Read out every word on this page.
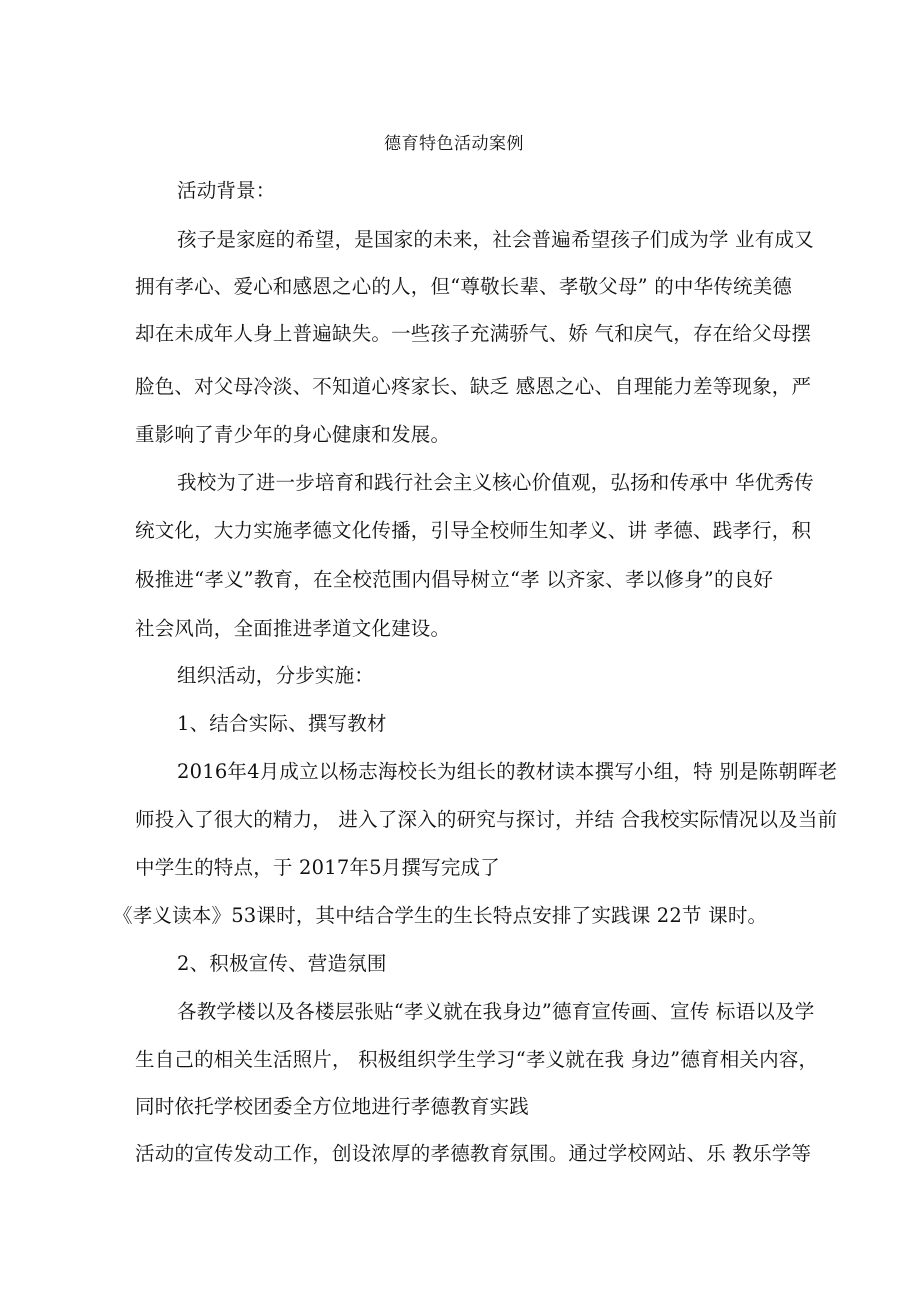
德育特色活动案例
活动背景：
孩子是家庭的希望，是国家的未来，社会普遍希望孩子们成为学 业有成又
拥有孝心、爱心和感恩之心的人，但“尊敬长辈、孝敬父母” 的中华传统美德
却在未成年人身上普遍缺失。一些孩子充满骄气、娇 气和戾气，存在给父母摆
脸色、对父母冷淡、不知道心疼家长、缺乏 感恩之心、自理能力差等现象，严
重影响了青少年的身心健康和发展。
我校为了进一步培育和践行社会主义核心价值观，弘扬和传承中 华优秀传
统文化，大力实施孝德文化传播，引导全校师生知孝义、讲 孝德、践孝行，积
极推进“孝义”教育，在全校范围内倡导树立“孝 以齐家、孝以修身”的良好
社会风尚，全面推进孝道文化建设。
组织活动，分步实施：
1、结合实际、撰写教材
2016年4月成立以杨志海校长为组长的教材读本撰写小组，特 别是陈朝晖老
师投入了很大的精力， 进入了深入的研究与探讨，并结 合我校实际情况以及当前
中学生的特点，于 2017年5月撰写完成了
《孝义读本》53课时，其中结合学生的生长特点安排了实践课 22节 课时。
2、积极宣传、营造氛围
各教学楼以及各楼层张贴“孝义就在我身边”德育宣传画、宣传 标语以及学
生自己的相关生活照片， 积极组织学生学习“孝义就在我 身边”德育相关内容，
同时依托学校团委全方位地进行孝德教育实践
活动的宣传发动工作，创设浓厚的孝德教育氛围。通过学校网站、乐 教乐学等
